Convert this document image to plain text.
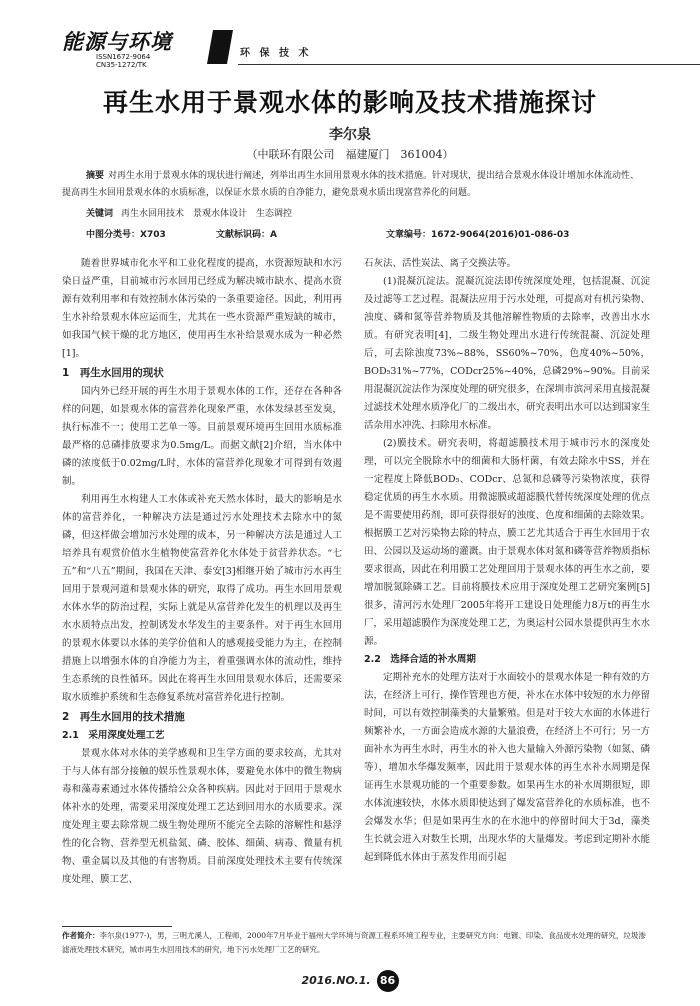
能源与环境
ISSN1672-9064
CN35-1272/TK
环 保 技 术
再生水用于景观水体的影响及技术措施探讨
李尔泉
（中联环有限公司　福建厦门　361004）
摘要 对再生水用于景观水体的现状进行阐述，列举出再生水回用景观水体的技术措施。针对现状，提出结合景观水体设计增加水体流动性、提高再生水回用景观水体的水质标准，以保证水景水质的自净能力，避免景观水质出现富营养化的问题。
关键词 再生水回用技术　景观水体设计　生态调控
中图分类号：X703	文献标识码：A	文章编号：1672-9064(2016)01-086-03

随着世界城市化水平和工业化程度的提高，水资源短缺和水污染日益严重，目前城市污水回用已经成为解决城市缺水、提高水资源有效利用率和有效控制水体污染的一条重要途径。因此，利用再生水补给景观水体应运而生，尤其在一些水资源严重短缺的城市，如我国气候干燥的北方地区，使用再生水补给景观水成为一种必然[1]。

1　再生水回用的现状

国内外已经开展的再生水用于景观水体的工作，还存在各种各样的问题，如景观水体的富营养化现象严重，水体发绿甚至发臭，执行标准不一；使用工艺单一等。目前景观环境再生回用水质标准最严格的总磷排放要求为0.5mg/L。而据文献[2]介绍，当水体中磷的浓度低于0.02mg/L时，水体的富营养化现象才可得到有效遏制。

利用再生水构建人工水体或补充天然水体时，最大的影响是水体的富营养化，一种解决方法是通过污水处理技术去除水中的氮磷，但这样做会增加污水处理的成本，另一种解决方法是通过人工培养具有观赏价值水生植物使富营养化水体处于贫营养状态。“七五”和“八五”期间，我国在天津、泰安[3]相继开始了城市污水再生回用于景观河道和景观水体的研究，取得了成功。再生水回用景观水体水华的防治过程，实际上就是从富营养化发生的机理以及再生水水质特点出发，控制诱发水华发生的主要条件。对于再生水回用的景观水体要以水体的美学价值和人的感观接受能力为主，在控制措施上以增强水体的自净能力为主，着重强调水体的流动性，维持生态系统的良性循环。因此在将再生水回用景观水体后，还需要采取水质维护系统和生态修复系统对富营养化进行控制。

2　再生水回用的技术措施
2.1　采用深度处理工艺

景观水体对水体的美学感观和卫生学方面的要求较高，尤其对于与人体有部分接触的娱乐性景观水体，要避免水体中的微生物病毒和藻毒素通过水体传播给公众各种疾病。因此对于回用于景观水体补水的处理，需要采用深度处理工艺达到回用水的水质要求。深度处理主要去除常规二级生物处理所不能完全去除的溶解性和悬浮性的化合物、营养型无机盐氮、磷、胶体、细菌、病毒、微量有机物、重金属以及其他的有害物质。目前深度处理技术主要有传统深度处理、膜工艺、

石灰法、活性炭法、离子交换法等。

(1)混凝沉淀法。混凝沉淀法即传统深度处理，包括混凝、沉淀及过滤等工艺过程。混凝法应用于污水处理，可提高对有机污染物、浊度、磷和氮等营养物质及其他溶解性物质的去除率，改善出水水质。有研究表明[4]，二级生物处理出水进行传统混凝、沉淀处理后，可去除浊度73%~88%，SS60%~70%，色度40%~50%，BOD₅31%~77%，CODcr25%~40%，总磷29%~90%。目前采用混凝沉淀法作为深度处理的研究很多，在深圳市滨河采用直接混凝过滤技术处理水质净化厂的二级出水，研究表明出水可以达到国家生活杂用水冲洗、扫除用水标准。

(2)膜技术。研究表明，将超滤膜技术用于城市污水的深度处理，可以完全脱除水中的细菌和大肠杆菌，有效去除水中SS，并在一定程度上降低BOD₅、CODcr、总氮和总磷等污染物浓度，获得稳定优质的再生水水质。用微滤膜或超滤膜代替传统深度处理的优点是不需要使用药剂，即可获得很好的浊度、色度和细菌的去除效果。根据膜工艺对污染物去除的特点，膜工艺尤其适合于再生水回用于农田、公园以及运动场的灌溉。由于景观水体对氮和磷等营养物质指标要求很高，因此在利用膜工艺处理回用于景观水体的再生水之前，要增加脱氮除磷工艺。目前将膜技术应用于深度处理工艺研究案例[5]很多，清河污水处理厂2005年将开工建设日处理能力8万t的再生水厂，采用超滤膜作为深度处理工艺，为奥运村公园水景提供再生水水源。

2.2　选择合适的补水周期

定期补充水的处理方法对于水面较小的景观水体是一种有效的方法，在经济上可行，操作管理也方便，补水在水体中较短的水力停留时间，可以有效控制藻类的大量繁殖。但是对于较大水面的水体进行频繁补水，一方面会造成水源的大量浪费，在经济上不可行；另一方面补水为再生水时，再生水的补入也大量输入外源污染物（如氮、磷等），增加水华爆发频率，因此用于景观水体的再生水补水周期是保证再生水景观功能的一个重要参数。如果再生水的补水周期很短，即水体流速较快，水体水质即使达到了爆发富营养化的水质标准，也不会爆发水华；但是如果再生水的在水池中的停留时间大于3d，藻类生长就会进入对数生长期，出现水华的大量爆发。考虑到定期补水能起到降低水体由于蒸发作用而引起

作者简介：李尔泉(1977-)，男，三明尤溪人，工程师，2000年7月毕业于福州大学环境与资源工程系环境工程专业，主要研究方向：电镀、印染、食品废水处理的研究，垃圾渗滤液处理技术研究，城市再生水回用技术的研究，地下污水处理厂工艺的研究。
2016.NO.1. 86
